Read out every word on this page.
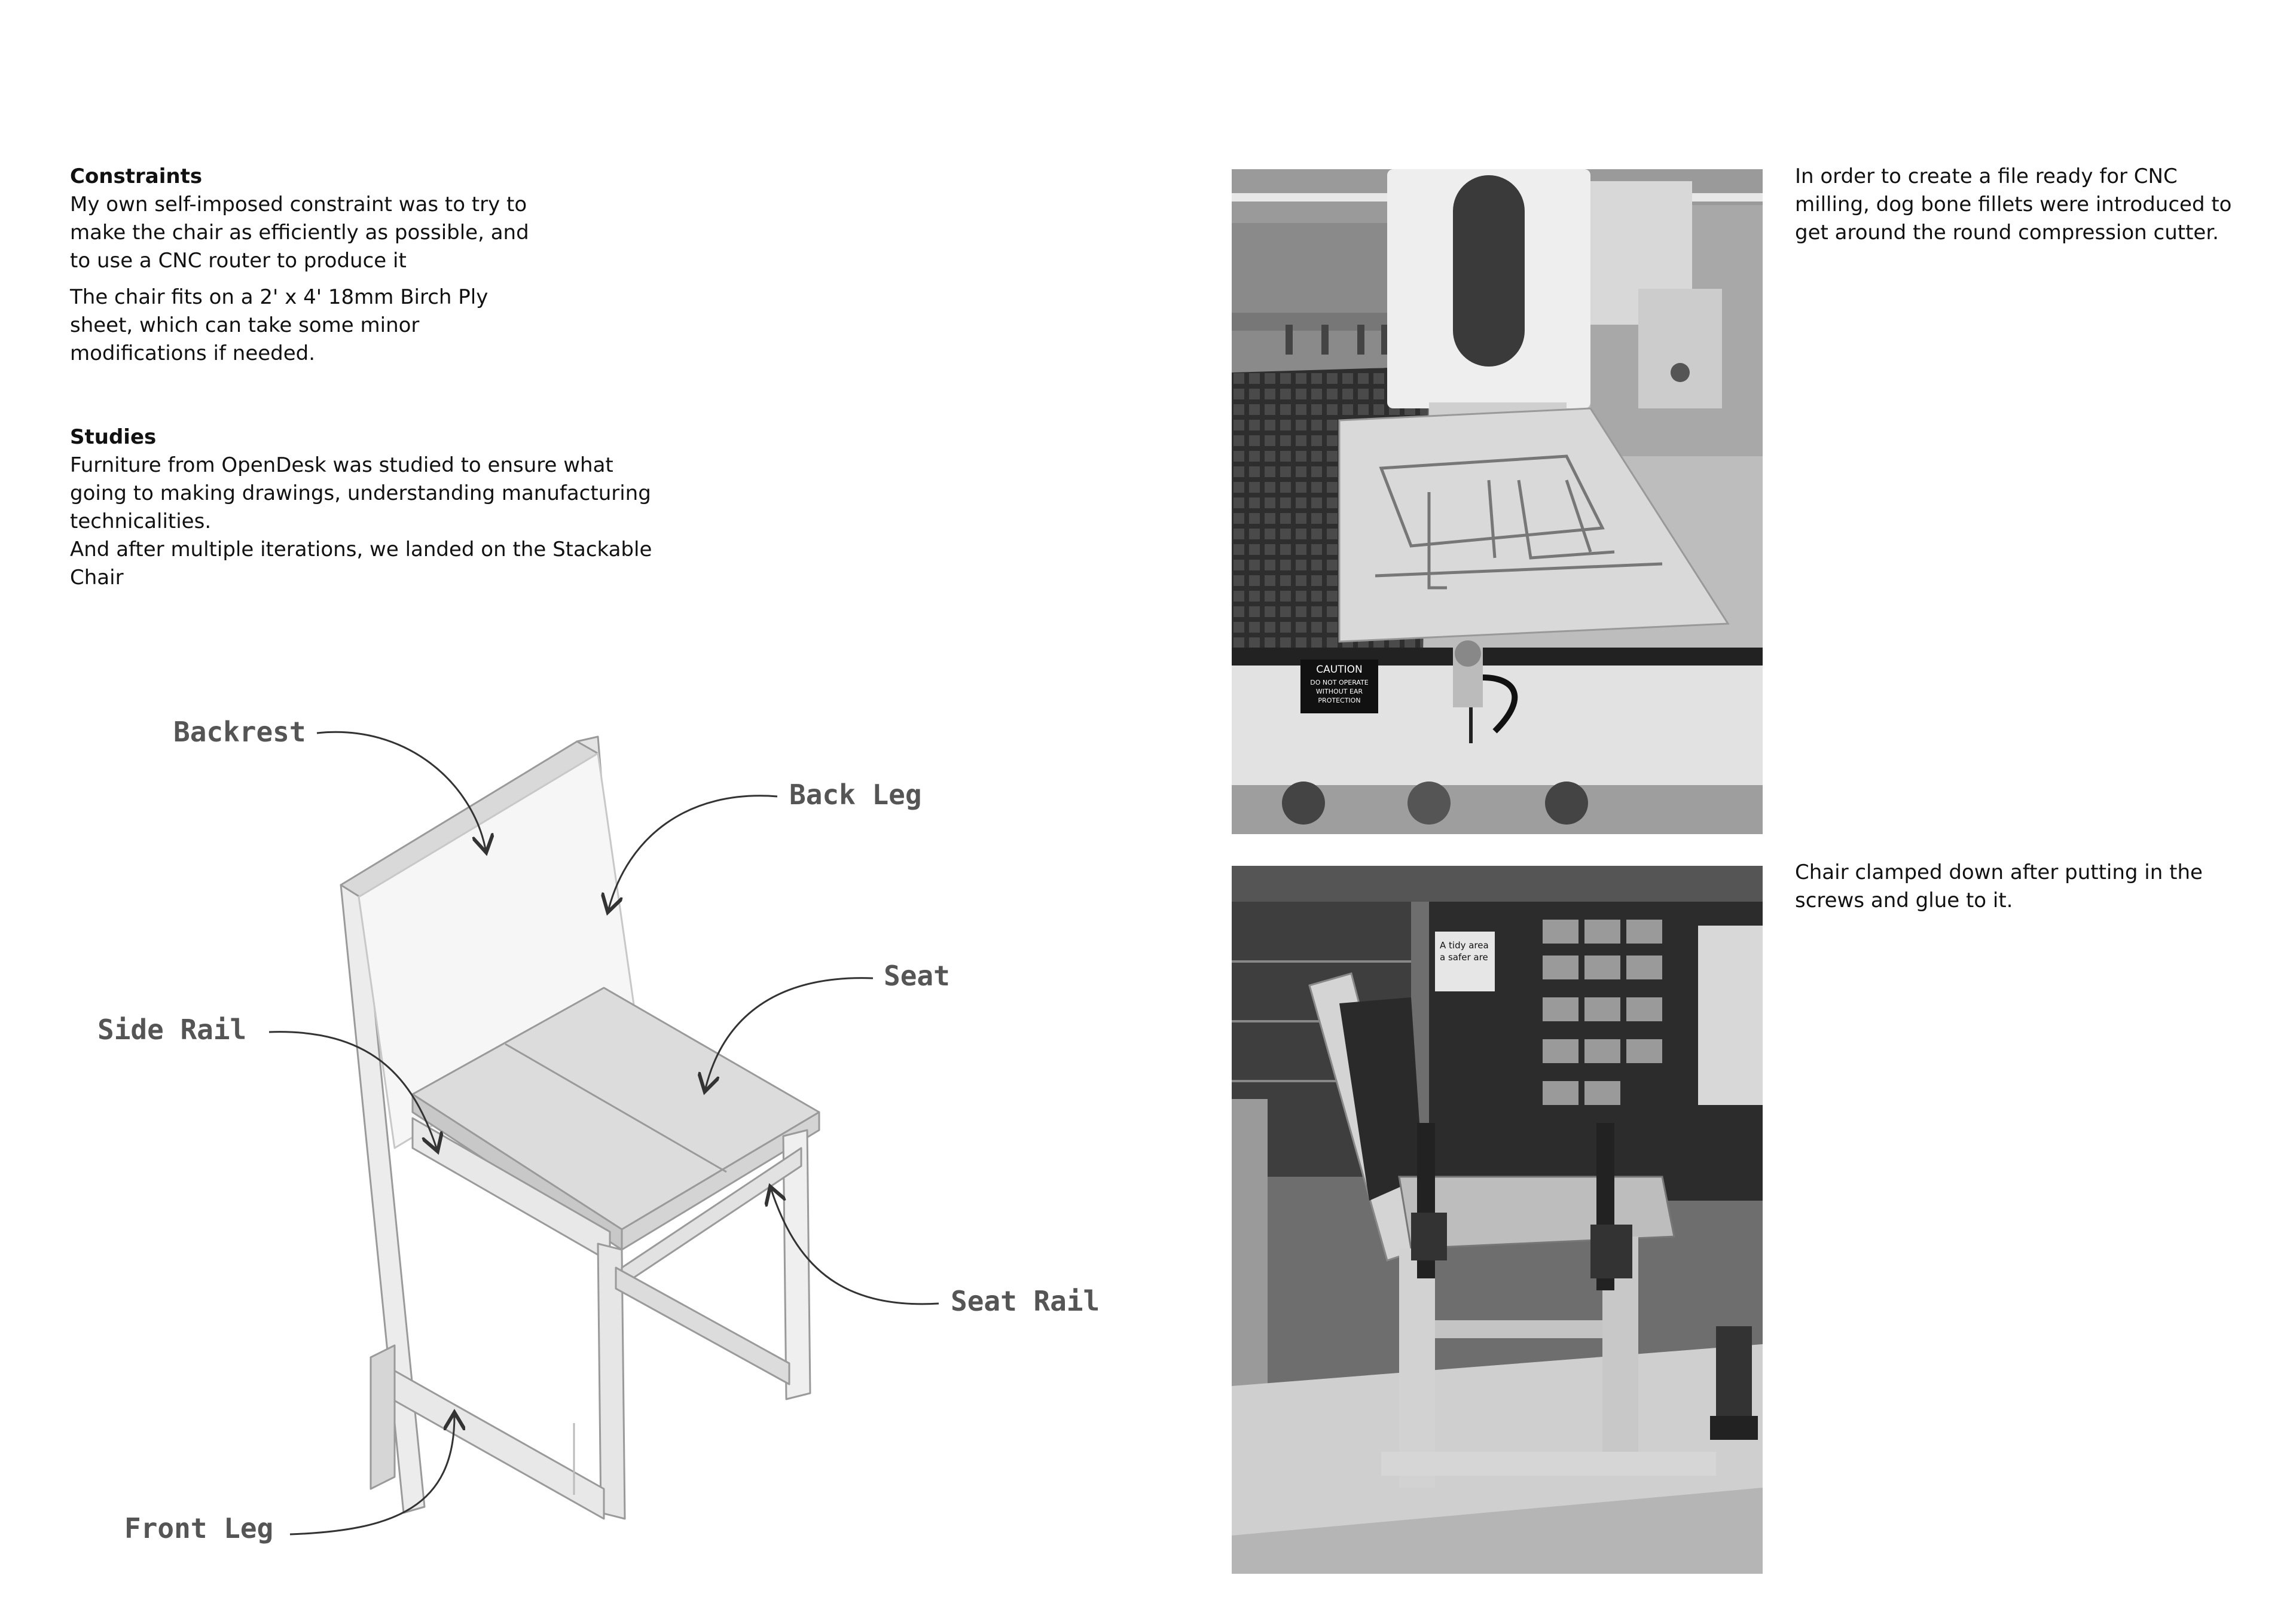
Constraints

My own self-imposed constraint was to try to
make the chair as efficiently as possible, and
to use a CNC router to produce it

The chair fits on a 2' x 4' 18mm Birch Ply
sheet, which can take some minor
modifications if needed.

Studies

Furniture from OpenDesk was studied to ensure what
going to making drawings, understanding manufacturing
technicalities.
And after multiple iterations, we landed on the Stackable
Chair

In order to create a file ready for CNC
milling, dog bone fillets were introduced to
get around the round compression cutter.
Chair clamped down after putting in the
screws and glue to it.
CAUTION
DO NOT OPERATE
WITHOUT EAR
PROTECTION
A tidy area
a safer are
Backrest
Back Leg
Seat
Side Rail
Seat Rail
Front Leg
